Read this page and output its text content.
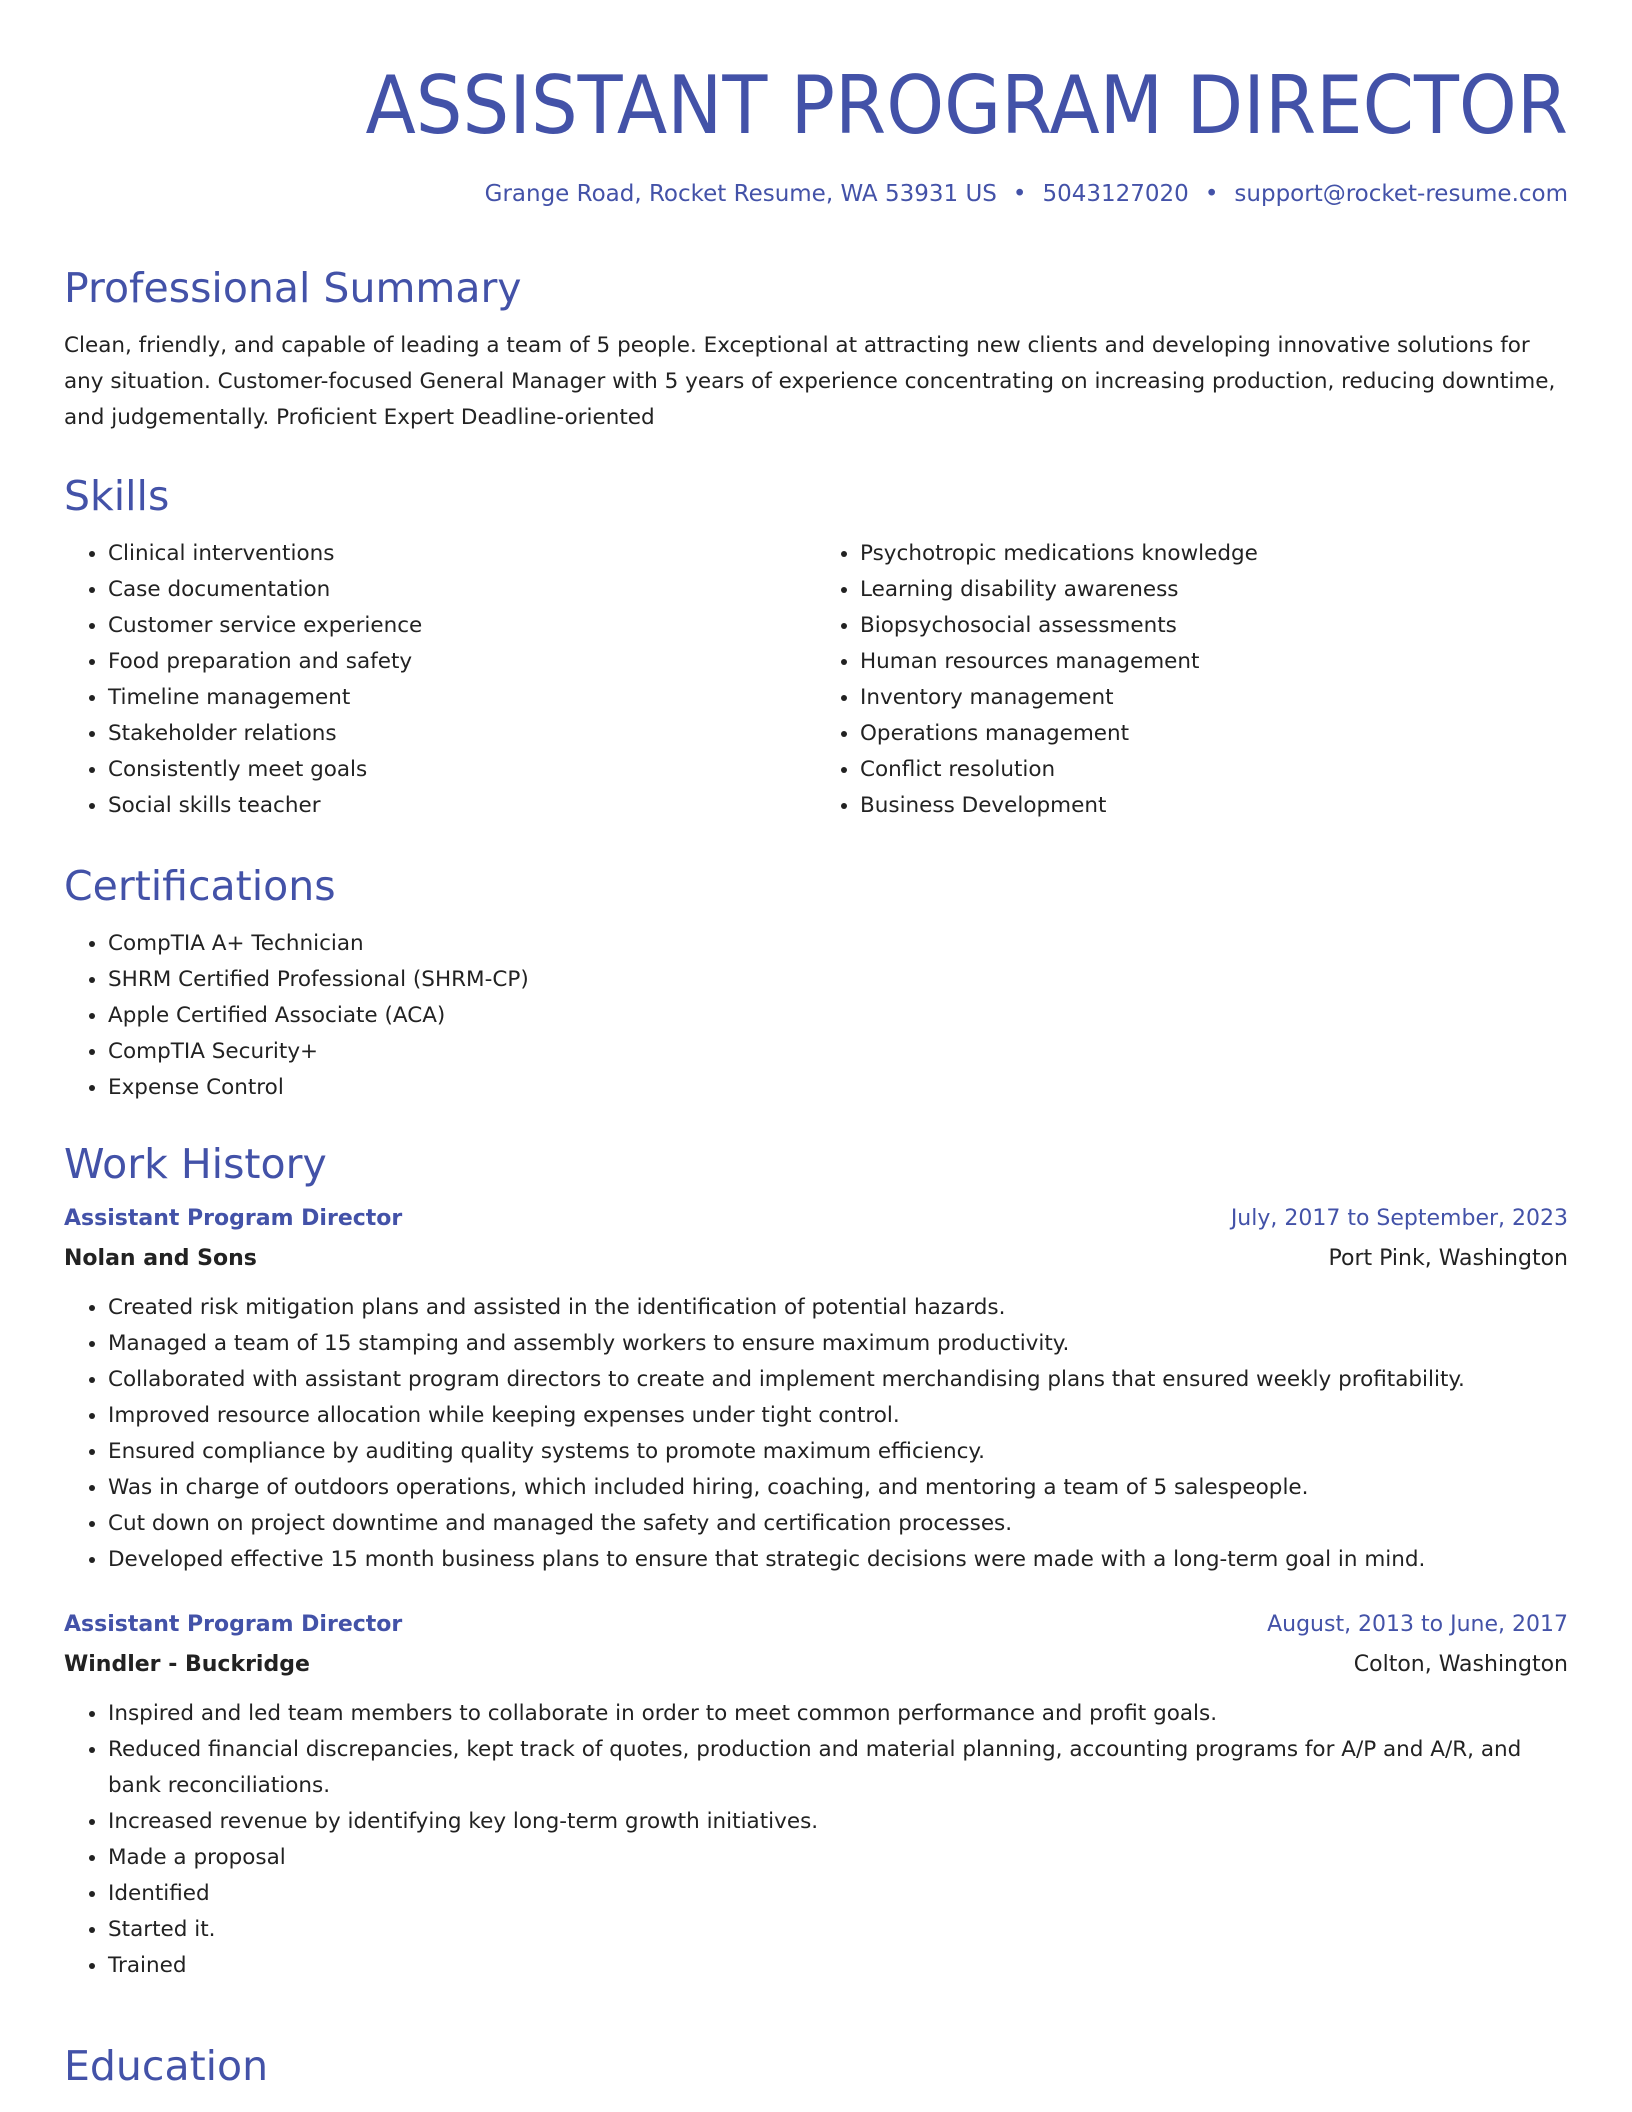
ASSISTANT PROGRAM DIRECTOR
Grange Road, Rocket Resume, WA 53931 US • 5043127020 • support@rocket-resume.com
Professional Summary

Clean, friendly, and capable of leading a team of 5 people. Exceptional at attracting new clients and developing innovative solutions for any situation. Customer-focused General Manager with 5 years of experience concentrating on increasing production, reducing downtime, and judgementally. Proficient Expert Deadline-oriented

Skills
• Clinical interventions
• Case documentation
• Customer service experience
• Food preparation and safety
• Timeline management
• Stakeholder relations
• Consistently meet goals
• Social skills teacher
• Psychotropic medications knowledge
• Learning disability awareness
• Biopsychosocial assessments
• Human resources management
• Inventory management
• Operations management
• Conflict resolution
• Business Development
Certifications
• CompTIA A+ Technician
• SHRM Certified Professional (SHRM-CP)
• Apple Certified Associate (ACA)
• CompTIA Security+
• Expense Control
Work History
Assistant Program Director	July, 2017 to September, 2023
Nolan and Sons	Port Pink, Washington
• Created risk mitigation plans and assisted in the identification of potential hazards.
• Managed a team of 15 stamping and assembly workers to ensure maximum productivity.
• Collaborated with assistant program directors to create and implement merchandising plans that ensured weekly profitability.
• Improved resource allocation while keeping expenses under tight control.
• Ensured compliance by auditing quality systems to promote maximum efficiency.
• Was in charge of outdoors operations, which included hiring, coaching, and mentoring a team of 5 salespeople.
• Cut down on project downtime and managed the safety and certification processes.
• Developed effective 15 month business plans to ensure that strategic decisions were made with a long-term goal in mind.
Assistant Program Director	August, 2013 to June, 2017
Windler - Buckridge	Colton, Washington
• Inspired and led team members to collaborate in order to meet common performance and profit goals.
• Reduced financial discrepancies, kept track of quotes, production and material planning, accounting programs for A/P and A/R, and bank reconciliations.
• Increased revenue by identifying key long-term growth initiatives.
• Made a proposal
• Identified
• Started it.
• Trained
Education
